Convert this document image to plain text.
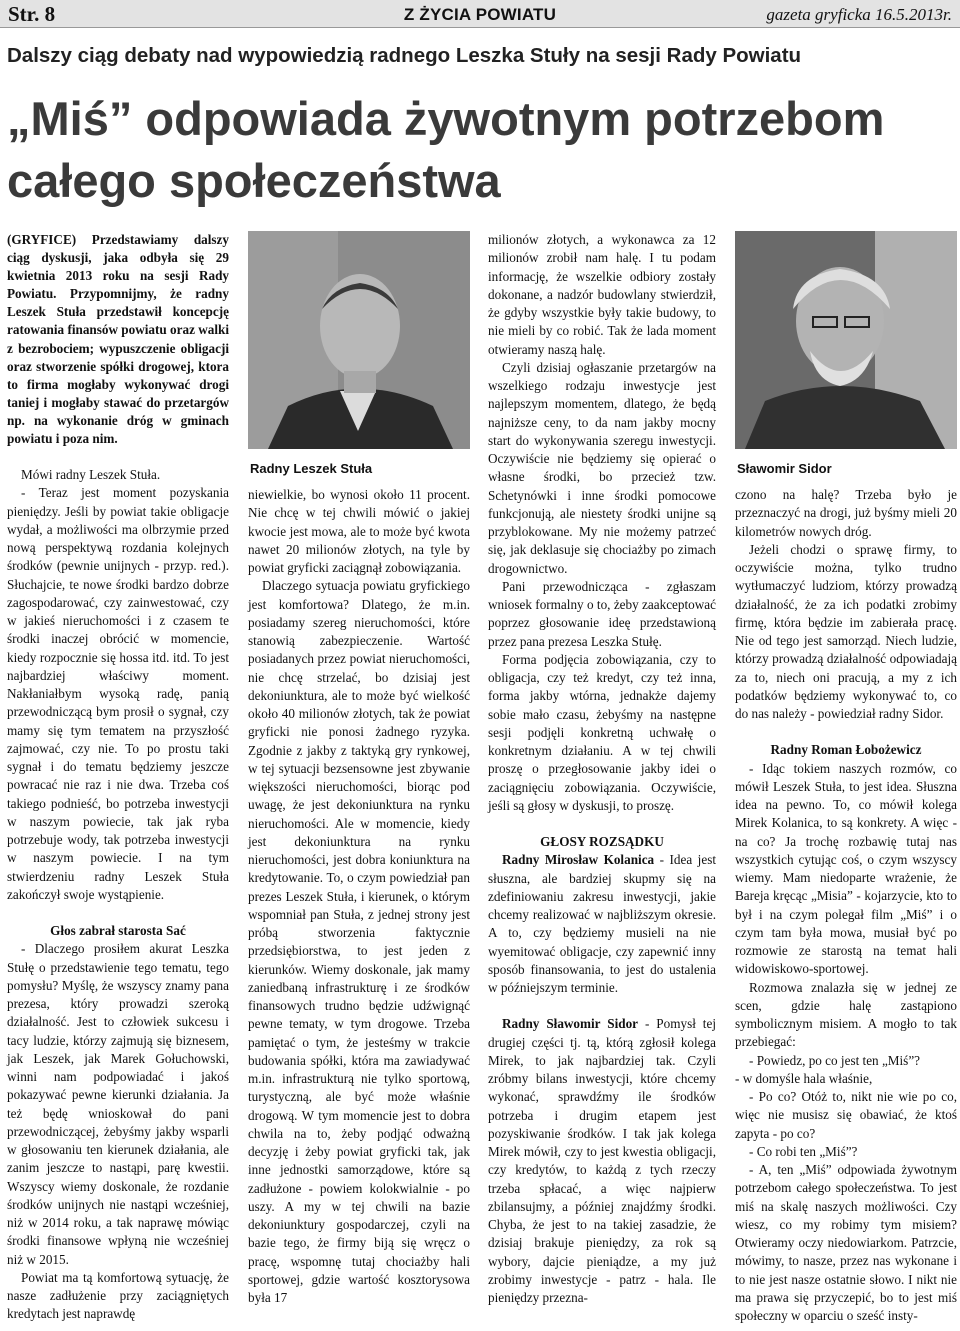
Str. 8	Z ŻYCIA POWIATU	gazeta gryficka 16.5.2013r.
Dalszy ciąg debaty nad wypowiedzią radnego Leszka Stuły na sesji Rady Powiatu
„Miś” odpowiada żywotnym potrzebom
całego społeczeństwa

(GRYFICE) Przedstawiamy dalszy ciąg dyskusji, jaka odbyła się 29 kwietnia 2013 roku na sesji Rady Powiatu. Przypomnijmy, że radny Leszek Stuła przedstawił koncepcję ratowania finansów powiatu oraz walki z bezrobociem; wypuszczenie obligacji oraz stworzenie spółki drogowej, ktora to firma mogłaby wykonywać drogi taniej i mogłaby stawać do przetargów np. na wykonanie dróg w gminach powiatu i poza nim.

Mówi radny Leszek Stuła.

- Teraz jest moment pozyskania pieniędzy. Jeśli by powiat takie obligacje wydał, a możliwości ma olbrzymie przed nową perspektywą rozdania kolejnych środków (pewnie unijnych - przyp. red.). Słuchajcie, te nowe środki bardzo dobrze zagospodarować, czy zainwestować, czy w jakieś nieruchomości i z czasem te środki inaczej obrócić w momencie, kiedy rozpocznie się hossa itd. itd. To jest najbardziej właściwy moment. Nakłaniałbym wysoką radę, panią przewodniczącą bym prosił o sygnał, czy mamy się tym tematem na przyszłość zajmować, czy nie. To po prostu taki sygnał i do tematu będziemy jeszcze powracać nie raz i nie dwa. Trzeba coś takiego podnieść, bo potrzeba inwestycji w naszym powiecie, tak jak ryba potrzebuje wody, tak potrzeba inwestycji w naszym powiecie. I na tym stwierdzeniu radny Leszek Stuła zakończył swoje wystąpienie.

Głos zabrał starosta Sać

- Dlaczego prosiłem akurat Leszka Stułę o przedstawienie tego tematu, tego pomysłu? Myślę, że wszyscy znamy pana prezesa, który prowadzi szeroką działalność. Jest to człowiek sukcesu i tacy ludzie, którzy zajmują się biznesem, jak Leszek, jak Marek Gołuchowski, winni nam podpowiadać i jakoś pokazywać pewne kierunki działania. Ja też będę wnioskował do pani przewodniczącej, żebyśmy jakby wsparli w głosowaniu ten kierunek działania, ale zanim jeszcze to nastąpi, parę kwestii. Wszyscy wiemy doskonale, że rozdanie środków unijnych nie nastąpi wcześniej, niż w 2014 roku, a tak naprawę mówiąc środki finansowe wpłyną nie wcześniej niż w 2015.

Powiat ma tą komfortową sytuację, że nasze zadłużenie przy zaciągniętych kredytach jest naprawdę

Radny Leszek Stuła

niewielkie, bo wynosi około 11 procent. Nie chcę w tej chwili mówić o jakiej kwocie jest mowa, ale to może być kwota nawet 20 milionów złotych, na tyle by powiat gryficki zaciągnął zobowiązania.

Dlaczego sytuacja powiatu gryfickiego jest komfortowa? Dlatego, że m.in. posiadamy szereg nieruchomości, które stanowią zabezpieczenie. Wartość posiadanych przez powiat nieruchomości, nie chcę strzelać, bo dzisiaj jest dekoniunktura, ale to może być wielkość około 40 milionów złotych, tak że powiat gryficki nie ponosi żadnego ryzyka. Zgodnie z jakby z taktyką gry rynkowej, w tej sytuacji bezsensowne jest zbywanie większości nieruchomości, biorąc pod uwagę, że jest dekoniunktura na rynku nieruchomości. Ale w momencie, kiedy jest dekoniunktura na rynku nieruchomości, jest dobra koniunktura na kredytowanie. To, o czym powiedział pan prezes Leszek Stuła, i kierunek, o którym wspomniał pan Stuła, z jednej strony jest próbą stworzenia faktycznie przedsiębiorstwa, to jest jeden z kierunków. Wiemy doskonale, jak mamy zaniedbaną infrastrukturę i ze środków finansowych trudno będzie udźwignąć pewne tematy, w tym drogowe. Trzeba pamiętać o tym, że jesteśmy w trakcie budowania spółki, która ma zawiadywać m.in. infrastrukturą nie tylko sportową, turystyczną, ale być może właśnie drogową. W tym momencie jest to dobra chwila na to, żeby podjąć odważną decyzję i żeby powiat gryficki tak, jak inne jednostki samorządowe, które są zadłużone - powiem kolokwialnie - po uszy. A my w tej chwili na bazie dekoniunktury gospodarczej, czyli na bazie tego, że firmy biją się wręcz o pracę, wspomnę tutaj chociażby hali sportowej, gdzie wartość kosztorysowa była 17

milionów złotych, a wykonawca za 12 milionów zrobił nam halę. I tu podam informację, że wszelkie odbiory zostały dokonane, a nadzór budowlany stwierdził, że gdyby wszystkie były takie budowy, to nie mieli by co robić. Tak że lada moment otwieramy naszą halę.

Czyli dzisiaj ogłaszanie przetargów na wszelkiego rodzaju inwestycje jest najlepszym momentem, dlatego, że będą najniższe ceny, to da nam jakby mocny start do wykonywania szeregu inwestycji. Oczywiście nie będziemy się opierać o własne środki, bo przecież tzw. Schetynówki i inne środki pomocowe funkcjonują, ale niestety środki unijne są przyblokowane. My nie możemy patrzeć się, jak deklasuje się chociażby po zimach drogownictwo.

Pani przewodnicząca - zgłaszam wniosek formalny o to, żeby zaakceptować poprzez głosowanie ideę przedstawioną przez pana prezesa Leszka Stułę.

Forma podjęcia zobowiązania, czy to obligacja, czy też kredyt, czy też inna, forma jakby wtórna, jednakże dajemy sobie mało czasu, żebyśmy na następne sesji podjęli konkretną uchwałę o konkretnym działaniu. A w tej chwili proszę o przegłosowanie jakby idei o zaciągnięciu zobowiązania. Oczywiście, jeśli są głosy w dyskusji, to proszę.

GŁOSY ROZSĄDKU

Radny Mirosław Kolanica - Idea jest słuszna, ale bardziej skupmy się na zdefiniowaniu zakresu inwestycji, jakie chcemy realizować w najbliższym okresie. A to, czy będziemy musieli na nie wyemitować obligacje, czy zapewnić inny sposób finansowania, to jest do ustalenia w późniejszym terminie.

Radny Sławomir Sidor - Pomysł tej drugiej części tj. tą, którą zgłosił kolega Mirek, to jak najbardziej tak. Czyli zróbmy bilans inwestycji, które chcemy wykonać, sprawdźmy ile środków potrzeba i drugim etapem jest pozyskiwanie środków. I tak jak kolega Mirek mówił, czy to jest kwestia obligacji, czy kredytów, to każdą z tych rzeczy trzeba spłacać, a więc najpierw zbilansujmy, a później znajdźmy środki. Chyba, że jest to na takiej zasadzie, że dzisiaj brakuje pieniędzy, za rok są wybory, dajcie pieniądze, a my już zrobimy inwestycje - patrz - hala. Ile pieniędzy przezna-

Sławomir Sidor

czono na halę? Trzeba było je przeznaczyć na drogi, już byśmy mieli 20 kilometrów nowych dróg.

Jeżeli chodzi o sprawę firmy, to oczywiście można, tylko trudno wytłumaczyć ludziom, którzy prowadzą działalność, że za ich podatki zrobimy firmę, która będzie im zabierała pracę. Nie od tego jest samorząd. Niech ludzie, którzy prowadzą działalność odpowiadają za to, niech oni pracują, a my z ich podatków będziemy wykonywać to, co do nas należy - powiedział radny Sidor.

Radny Roman Łobożewicz

- Idąc tokiem naszych rozmów, co mówił Leszek Stuła, to jest idea. Słuszna idea na pewno. To, co mówił kolega Mirek Kolanica, to są konkrety. A więc - na co? Ja trochę rozbawię tutaj nas wszystkich cytując coś, o czym wszyscy wiemy. Mam niedoparte wrażenie, że Bareja kręcąc „Misia” - kojarzycie, kto to był i na czym polegał film „Miś” i o czym tam była mowa, musiał być po rozmowie ze starostą na temat hali widowiskowo-sportowej.

Rozmowa znalazła się w jednej ze scen, gdzie halę zastąpiono symbolicznym misiem. A mogło to tak przebiegać:

- Powiedz, po co jest ten „Miś”?

- w domyśle hala właśnie,

- Po co? Otóż to, nikt nie wie po co, więc nie musisz się obawiać, że ktoś zapyta - po co?

- Co robi ten „Miś”?

- A, ten „Miś” odpowiada żywotnym potrzebom całego społeczeństwa. To jest miś na skalę naszych możliwości. Czy wiesz, co my robimy tym misiem? Otwieramy oczy niedowiarkom. Patrzcie, mówimy, to nasze, przez nas wykonane i to nie jest nasze ostatnie słowo. I nikt nie ma prawa się przyczepić, bo to jest miś społeczny w oparciu o sześć insty-
